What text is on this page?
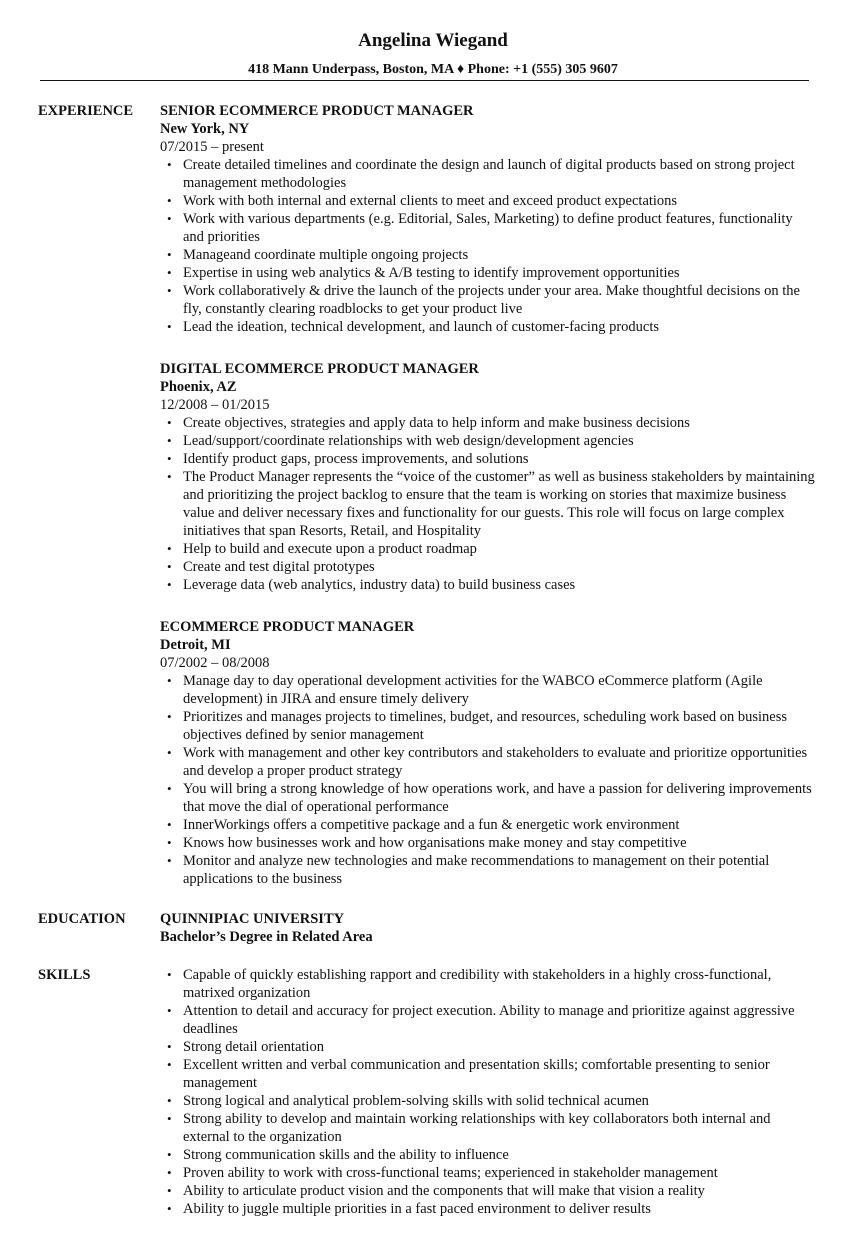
Angelina Wiegand
418 Mann Underpass, Boston, MA ♦ Phone: +1 (555) 305 9607
EXPERIENCE SENIOR ECOMMERCE PRODUCT MANAGER
New York, NY
07/2015 – present
• Create detailed timelines and coordinate the design and launch of digital products based on strong project management methodologies
• Work with both internal and external clients to meet and exceed product expectations
• Work with various departments (e.g. Editorial, Sales, Marketing) to define product features, functionality and priorities
• Manageand coordinate multiple ongoing projects
• Expertise in using web analytics & A/B testing to identify improvement opportunities
• Work collaboratively & drive the launch of the projects under your area. Make thoughtful decisions on the fly, constantly clearing roadblocks to get your product live
• Lead the ideation, technical development, and launch of customer-facing products
DIGITAL ECOMMERCE PRODUCT MANAGER
Phoenix, AZ
12/2008 – 01/2015
• Create objectives, strategies and apply data to help inform and make business decisions
• Lead/support/coordinate relationships with web design/development agencies
• Identify product gaps, process improvements, and solutions
• The Product Manager represents the “voice of the customer” as well as business stakeholders by maintaining and prioritizing the project backlog to ensure that the team is working on stories that maximize business value and deliver necessary fixes and functionality for our guests. This role will focus on large complex initiatives that span Resorts, Retail, and Hospitality
• Help to build and execute upon a product roadmap
• Create and test digital prototypes
• Leverage data (web analytics, industry data) to build business cases
ECOMMERCE PRODUCT MANAGER
Detroit, MI
07/2002 – 08/2008
• Manage day to day operational development activities for the WABCO eCommerce platform (Agile development) in JIRA and ensure timely delivery
• Prioritizes and manages projects to timelines, budget, and resources, scheduling work based on business objectives defined by senior management
• Work with management and other key contributors and stakeholders to evaluate and prioritize opportunities and develop a proper product strategy
• You will bring a strong knowledge of how operations work, and have a passion for delivering improvements that move the dial of operational performance
• InnerWorkings offers a competitive package and a fun & energetic work environment
• Knows how businesses work and how organisations make money and stay competitive
• Monitor and analyze new technologies and make recommendations to management on their potential applications to the business
EDUCATION QUINNIPIAC UNIVERSITY
Bachelor’s Degree in Related Area
SKILLS
•	Capable of quickly establishing rapport and credibility with stakeholders in a highly cross-functional, matrixed organization
• Attention to detail and accuracy for project execution. Ability to manage and prioritize against aggressive deadlines
• Strong detail orientation
• Excellent written and verbal communication and presentation skills; comfortable presenting to senior management
• Strong logical and analytical problem-solving skills with solid technical acumen
• Strong ability to develop and maintain working relationships with key collaborators both internal and external to the organization
• Strong communication skills and the ability to influence
• Proven ability to work with cross-functional teams; experienced in stakeholder management
• Ability to articulate product vision and the components that will make that vision a reality
• Ability to juggle multiple priorities in a fast paced environment to deliver results
